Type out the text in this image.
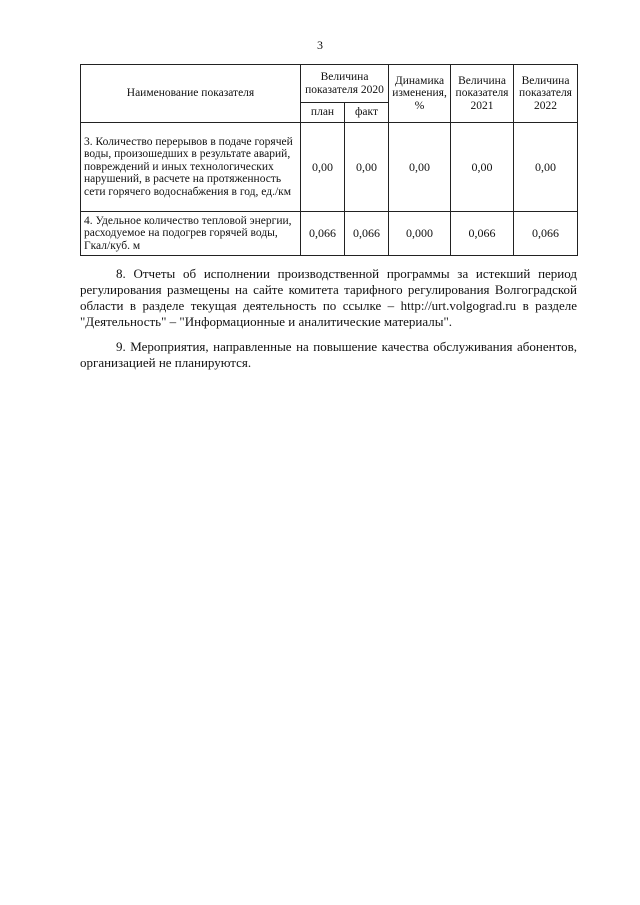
3
Наименование показателя	Величина показателя 2020		Динамика изменения, %	Величина показателя 2021	Величина показателя 2022
	план	факт			
3. Количество перерывов в подаче горячей воды, произошедших в результате аварий, повреждений и иных технологических нарушений, в расчете на протяженность сети горячего водоснабжения в год, ед./км	0,00	0,00	0,00	0,00	0,00
4. Удельное количество тепловой энергии, расходуемое на подогрев горячей воды, Гкал/куб. м	0,066	0,066	0,000	0,066	0,066

8. Отчеты об исполнении производственной программы за истекший период регулирования размещены на сайте комитета тарифного регулирования Волгоградской области в разделе текущая деятельность по ссылке – http://urt.volgograd.ru в разделе "Деятельность" – "Информационные и аналитические материалы".

9. Мероприятия, направленные на повышение качества обслуживания абонентов, организацией не планируются.
